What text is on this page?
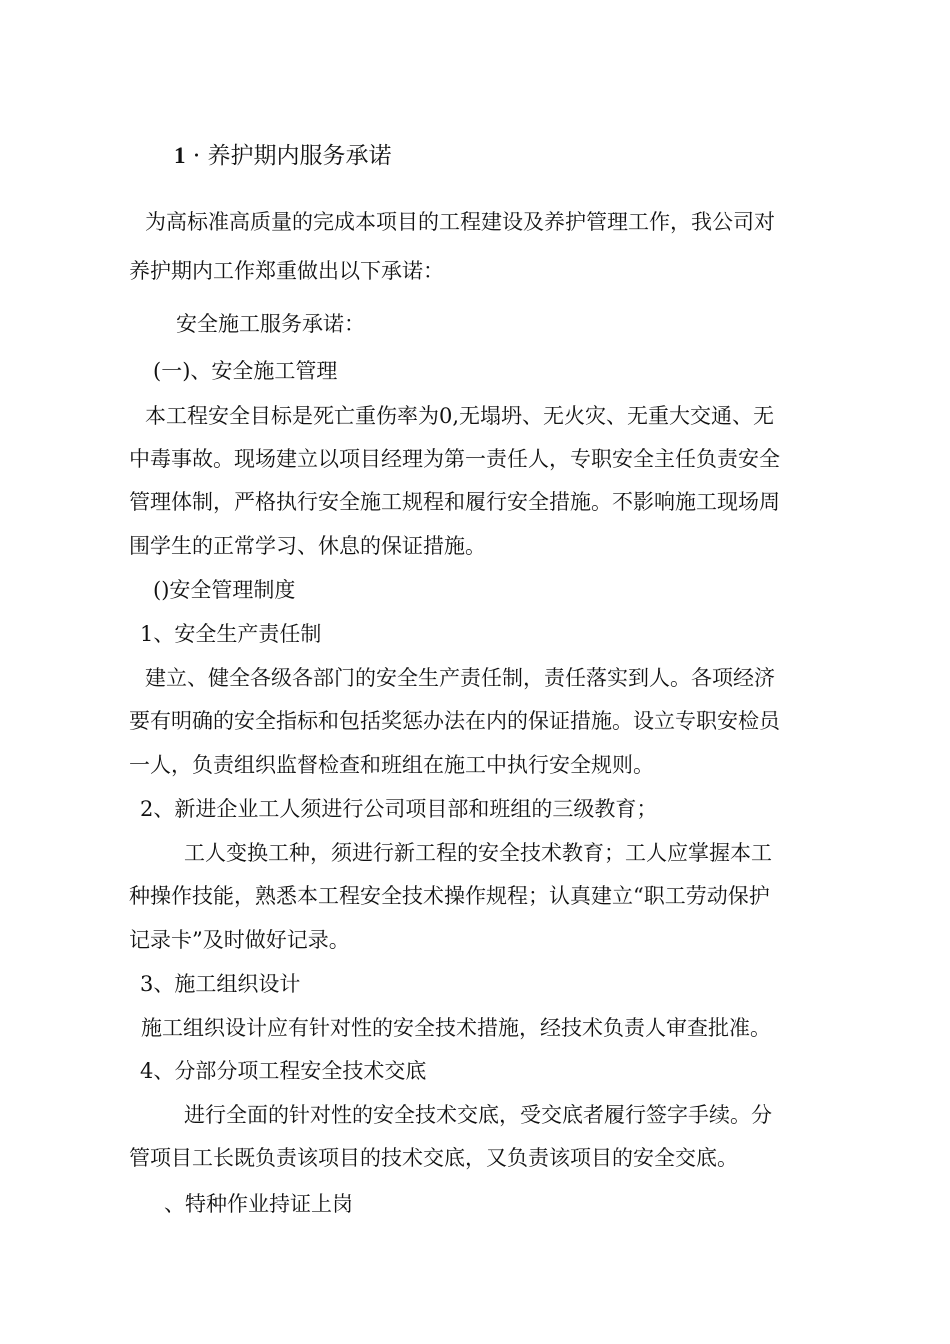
1 · 养护期内服务承诺
为高标准高质量的完成本项目的工程建设及养护管理工作，我公司对
养护期内工作郑重做出以下承诺：
安全施工服务承诺：
(一)、安全施工管理
本工程安全目标是死亡重伤率为0,无塌坍、无火灾、无重大交通、无
中毒事故。现场建立以项目经理为第一责任人，专职安全主任负责安全
管理体制，严格执行安全施工规程和履行安全措施。不影响施工现场周
围学生的正常学习、休息的保证措施。
()安全管理制度
1、安全生产责任制
建立、健全各级各部门的安全生产责任制，责任落实到人。各项经济
要有明确的安全指标和包括奖惩办法在内的保证措施。设立专职安检员
一人，负责组织监督检查和班组在施工中执行安全规则。
2、新进企业工人须进行公司项目部和班组的三级教育；
工人变换工种，须进行新工程的安全技术教育；工人应掌握本工
种操作技能，熟悉本工程安全技术操作规程；认真建立“职工劳动保护
记录卡”及时做好记录。
3、施工组织设计
施工组织设计应有针对性的安全技术措施，经技术负责人审查批准。
4、分部分项工程安全技术交底
进行全面的针对性的安全技术交底，受交底者履行签字手续。分
管项目工长既负责该项目的技术交底，又负责该项目的安全交底。
、特种作业持证上岗
